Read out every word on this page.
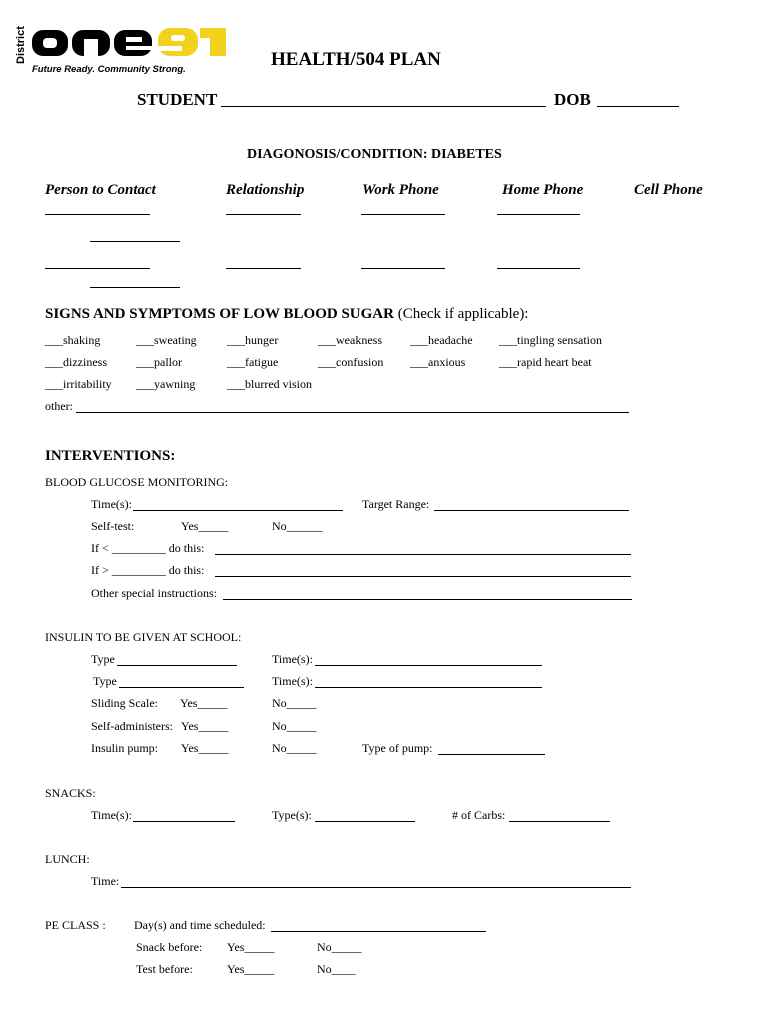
District
Future Ready. Community Strong.	HEALTH/504 PLAN
STUDENT	DOB
DIAGONOSIS/CONDITION: DIABETES
Person to Contact	Relationship	Work Phone	Home Phone	Cell Phone
SIGNS AND SYMPTOMS OF LOW BLOOD SUGAR (Check if applicable):
___shaking	___sweating	___hunger	___weakness ___headache ___tingling sensation
___dizziness ___pallor	___fatigue	___confusion ___anxious	___rapid heart beat
___irritability ___yawning	___blurred vision
other:
INTERVENTIONS:
BLOOD GLUCOSE MONITORING:
Time(s):	Target Range:
Self-test:	Yes_____	No______
If < _________ do this:
If > _________ do this:
Other special instructions:
INSULIN TO BE GIVEN AT SCHOOL:
Type	Time(s):
Type	Time(s):
Sliding Scale: Yes_____	No_____
Self-administers: Yes_____	No_____
Insulin pump: Yes_____	No_____	Type of pump:
SNACKS:
Time(s):	Type(s):	# of Carbs:
LUNCH:
Time:
PE CLASS : Day(s) and time scheduled:
Snack before: Yes_____	No_____
Test before:	Yes_____	No____
